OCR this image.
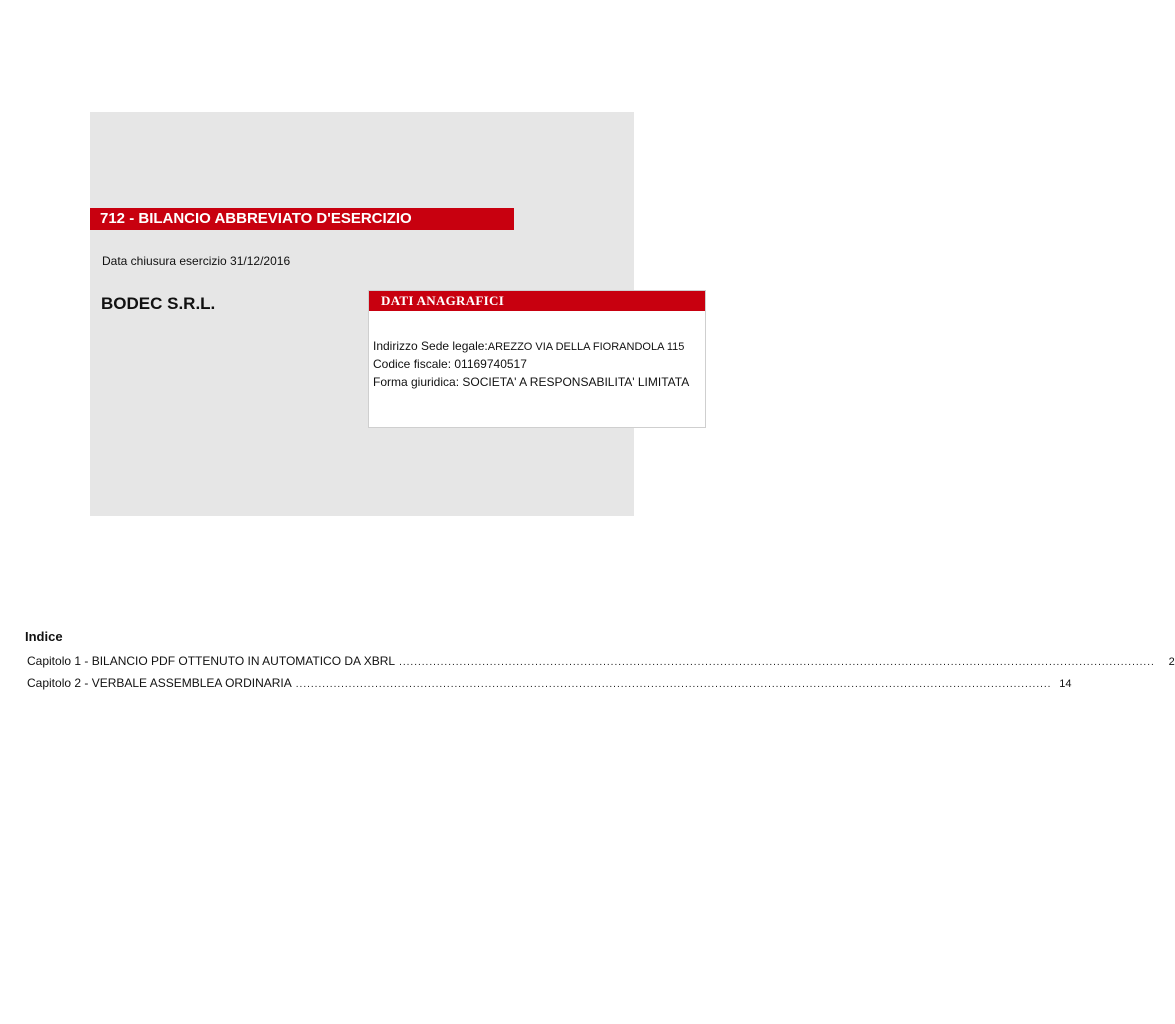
712 - BILANCIO ABBREVIATO D'ESERCIZIO
Data chiusura esercizio 31/12/2016
BODEC S.R.L.	DATI ANAGRAFICI
Indirizzo Sede legale:AREZZO VIA DELLA FIORANDOLA 115
Codice fiscale: 01169740517
Forma giuridica: SOCIETA' A RESPONSABILITA' LIMITATA
Indice
Capitolo 1 - BILANCIO PDF OTTENUTO IN AUTOMATICO DA XBRL ........................................................................................................................................................................................................	2
Capitolo 2 - VERBALE ASSEMBLEA ORDINARIA ........................................................................................................................................................................................................ 14
